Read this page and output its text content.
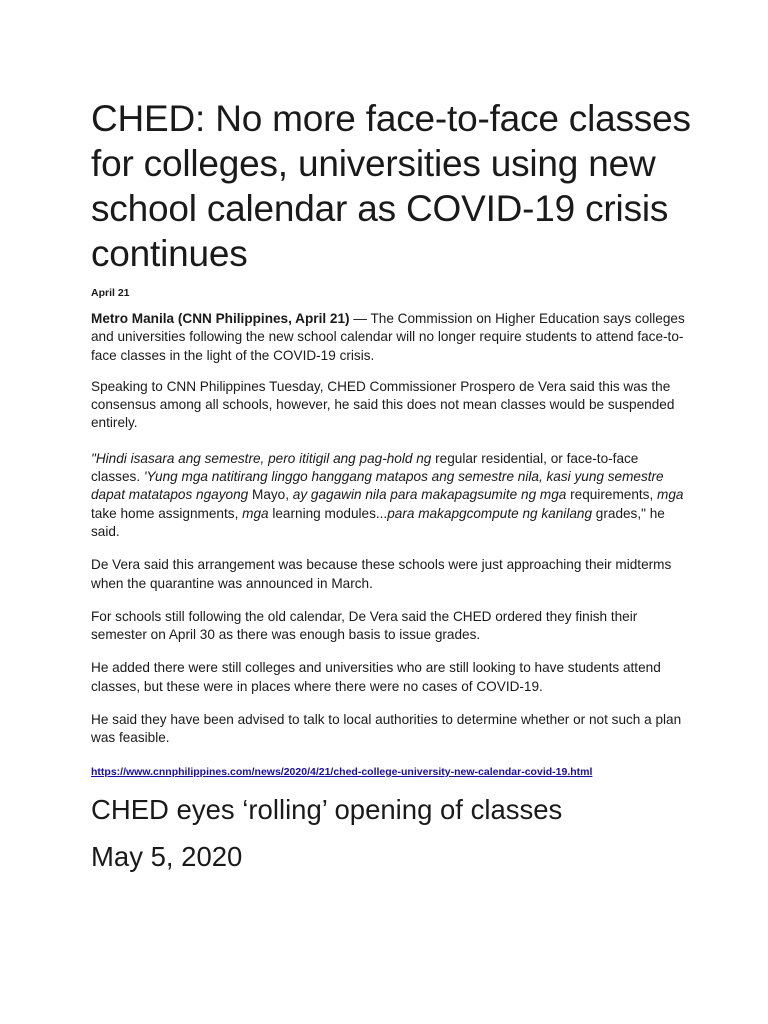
CHED: No more face-to-face classes for colleges, universities using new school calendar as COVID-19 crisis continues

April 21

Metro Manila (CNN Philippines, April 21) — The Commission on Higher Education says colleges and universities following the new school calendar will no longer require students to attend face-to-face classes in the light of the COVID-19 crisis.

Speaking to CNN Philippines Tuesday, CHED Commissioner Prospero de Vera said this was the consensus among all schools, however, he said this does not mean classes would be suspended entirely.

"Hindi isasara ang semestre, pero ititigil ang pag-hold ng regular residential, or face-to-face classes. 'Yung mga natitirang linggo hanggang matapos ang semestre nila, kasi yung semestre dapat matatapos ngayong Mayo, ay gagawin nila para makapagsumite ng mga requirements, mga take home assignments, mga learning modules...para makapgcompute ng kanilang grades," he said.

De Vera said this arrangement was because these schools were just approaching their midterms when the quarantine was announced in March.

For schools still following the old calendar, De Vera said the CHED ordered they finish their semester on April 30 as there was enough basis to issue grades.

He added there were still colleges and universities who are still looking to have students attend classes, but these were in places where there were no cases of COVID-19.

He said they have been advised to talk to local authorities to determine whether or not such a plan was feasible.

https://www.cnnphilippines.com/news/2020/4/21/ched-college-university-new-calendar-covid-19.html
CHED eyes ‘rolling’ opening of classes

May 5, 2020
